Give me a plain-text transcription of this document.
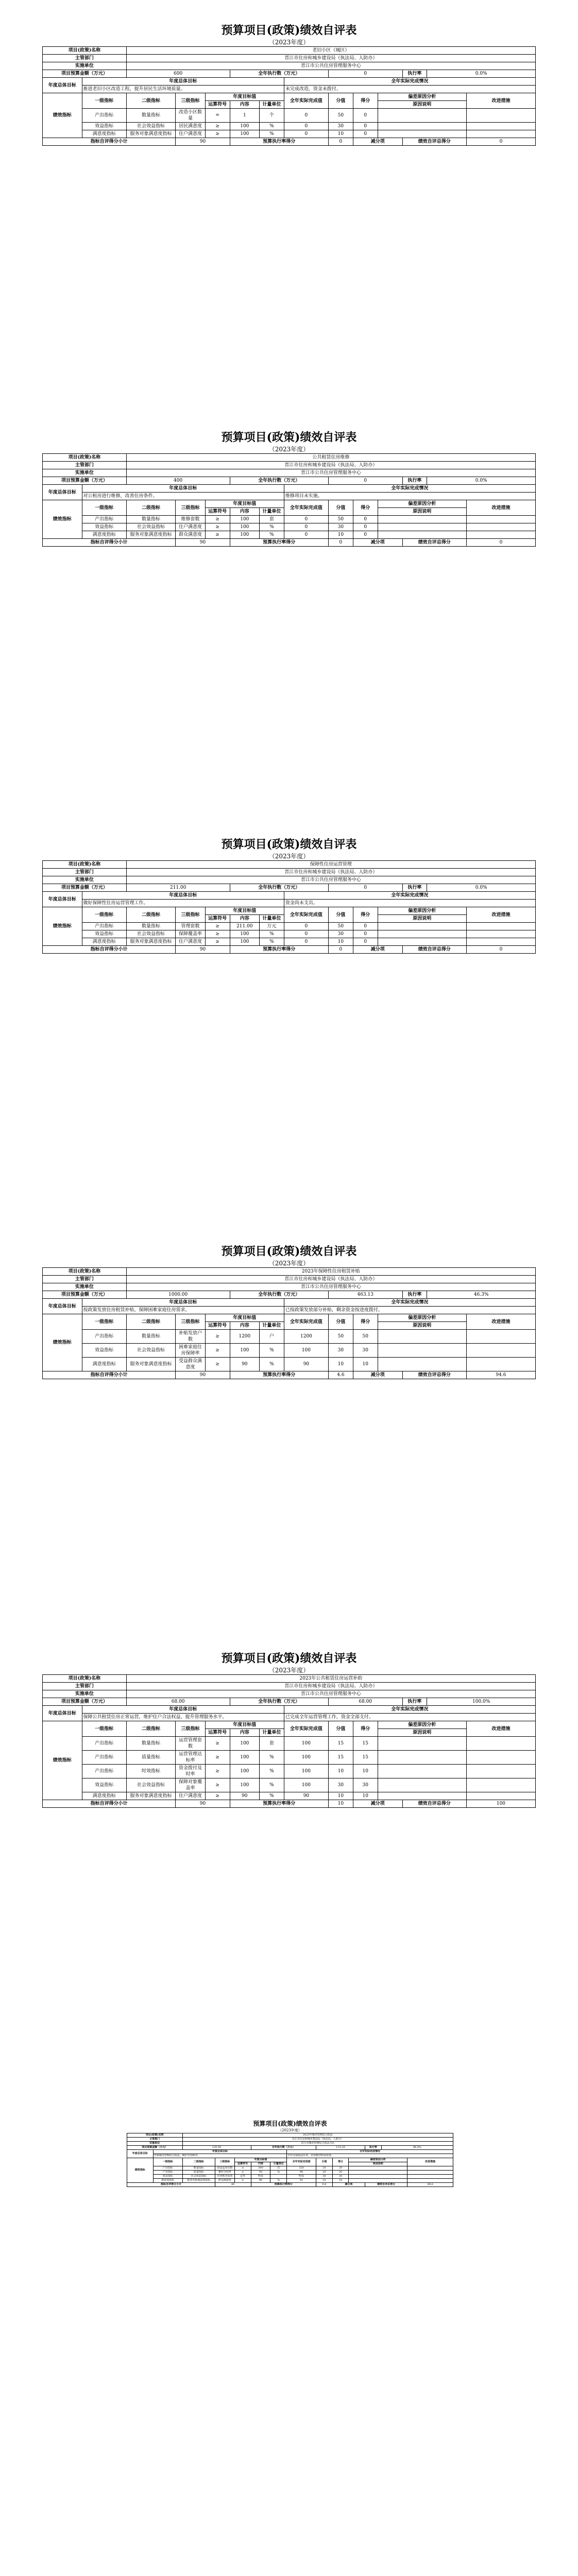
预算项目(政策)绩效自评表
（2023年度）
项目(政策)名称		老旧小区（城区）											
主管部门		晋江市住房和城乡建设局（执法局、人防办）											
实施单位		晋江市公共住房管理服务中心											
项目预算金额（万元）		600			全年执行数（万元）			0			执行率	0.0%	
年度总体目标	年度总体目标						全年实际完成情况						
	推进老旧小区改造工程，提升居民生活环境质量。						未完成改造，资金未拨付。						
绩效指标	一级指标	二级指标	三级指标	年度目标值			全年实际完成值	分值	得分	偏差原因分析			改进措施
				运算符号	内容	计量单位				原因说明			
	产出指标	数量指标	改造小区数量	=	1	个	0	50	0				
	效益指标	社会效益指标	居民满意度	≥	100	%	0	30	0				
	满意度指标	服务对象满意度指标	住户满意度	≥	100	%	0	10	0				
指标自评得分小计			90		预算执行率得分			0	减分项		绩效自评总得分		0
预算项目(政策)绩效自评表
（2023年度）
项目(政策)名称		公共租赁住房维修											
主管部门		晋江市住房和城乡建设局（执法局、人防办）											
实施单位		晋江市公共住房管理服务中心											
项目预算金额（万元）		400			全年执行数（万元）			0			执行率	0.0%	
年度总体目标	年度总体目标						全年实际完成情况						
	对公租房进行维修，改善住房条件。						维修项目未实施。						
绩效指标	一级指标	二级指标	三级指标	年度目标值			全年实际完成值	分值	得分	偏差原因分析			改进措施
				运算符号	内容	计量单位				原因说明			
	产出指标	数量指标	维修套数	≥	100	套	0	50	0				
	效益指标	社会效益指标	住户满意度	≥	100	%	0	30	0				
	满意度指标	服务对象满意度指标	群众满意度	≥	100	%	0	10	0				
指标自评得分小计			90		预算执行率得分			0	减分项		绩效自评总得分		0
预算项目(政策)绩效自评表
（2023年度）
项目(政策)名称		保障性住房运营管理											
主管部门		晋江市住房和城乡建设局（执法局、人防办）											
实施单位		晋江市公共住房管理服务中心											
项目预算金额（万元）		211.00			全年执行数（万元）			0			执行率	0.0%	
年度总体目标	年度总体目标						全年实际完成情况						
	做好保障性住房运营管理工作。						资金尚未支出。						
绩效指标	一级指标	二级指标	三级指标	年度目标值			全年实际完成值	分值	得分	偏差原因分析			改进措施
				运算符号	内容	计量单位				原因说明			
	产出指标	数量指标	管理套数	≥	211.00	万元	0	50	0				
	效益指标	社会效益指标	保障覆盖率	≥	100	%	0	30	0				
	满意度指标	服务对象满意度指标	住户满意度	≥	100	%	0	10	0				
指标自评得分小计			90		预算执行率得分			0	减分项		绩效自评总得分		0
预算项目(政策)绩效自评表
（2023年度）
项目(政策)名称		2023年保障性住房租赁补贴											
主管部门		晋江市住房和城乡建设局（执法局、人防办）											
实施单位		晋江市公共住房管理服务中心											
项目预算金额（万元）		1000.00			全年执行数（万元）			463.13			执行率	46.3%	
年度总体目标	年度总体目标						全年实际完成情况						
	按政策发放住房租赁补贴，保障困难家庭住房需求。						已按政策发放部分补贴，剩余资金按进度拨付。						
绩效指标	一级指标	二级指标	三级指标	年度目标值			全年实际完成值	分值	得分	偏差原因分析			改进措施
				运算符号	内容	计量单位				原因说明			
	产出指标	数量指标	补贴发放户数	≥	1200	户	1200	50	50				
	效益指标	社会效益指标	困难家庭住房保障率	≥	100	%	100	30	30				
	满意度指标	服务对象满意度指标	受益群众满意度	≥	90	%	90	10	10				
指标自评得分小计			90		预算执行率得分			4.6	减分项		绩效自评总得分		94.6
预算项目(政策)绩效自评表
（2023年度）
项目(政策)名称		2023年公共租赁住房运营补助											
主管部门		晋江市住房和城乡建设局（执法局、人防办）											
实施单位		晋江市公共住房管理服务中心											
项目预算金额（万元）		68.00			全年执行数（万元）			68.00			执行率	100.0%	
年度总体目标	年度总体目标						全年实际完成情况						
	保障公共租赁住房正常运营，维护住户合法权益，提升管理服务水平。						已完成全年运营管理工作，资金全部支付。						
绩效指标	一级指标	二级指标	三级指标	年度目标值			全年实际完成值	分值	得分	偏差原因分析			改进措施
				运算符号	内容	计量单位				原因说明			
	产出指标	数量指标	运营管理套数	≥	100	套	100	15	15				
	产出指标	质量指标	运营管理达标率	≥	100	%	100	15	15				
	产出指标	时效指标	资金拨付及时率	≥	100	%	100	10	10				
	效益指标	社会效益指标	保障对象覆盖率	≥	100	%	100	30	30				
	满意度指标	服务对象满意度指标	住户满意度	≥	90	%	90	10	10				
指标自评得分小计			90		预算执行率得分			10	减分项		绩效自评总得分		100
预算项目(政策)绩效自评表
（2023年度）
项目(政策)名称		2023年城市管理综合执法											
主管部门		晋江市住房和城乡建设局（执法局、人防办）											
实施单位		晋江市城市管理综合执法大队											
项目预算金额（万元）		120.00			全年执行数（万元）			115.20			执行率	96.0%	
年度总体目标	年度总体目标						全年实际完成情况						
	开展城市管理综合执法，维护市容秩序。						全年完成执法任务，市容秩序明显改善。						
绩效指标	一级指标	二级指标	三级指标	年度目标值			全年实际完成值	分值	得分	偏差原因分析			改进措施
				运算符号	内容	计量单位				原因说明			
	产出指标	数量指标	执法巡查次数	≥	300	次	320	20	20				
	产出指标	质量指标	案件办结率	≥	95	%	96	20	20				
	效益指标	社会效益指标	市容秩序改善	定性	明显		明显	30	30				
	满意度指标	服务对象满意度指标	群众满意度	≥	90	%	91	10	10				
指标自评得分小计			80		预算执行率得分			9.6	减分项		绩效自评总得分		89.6
